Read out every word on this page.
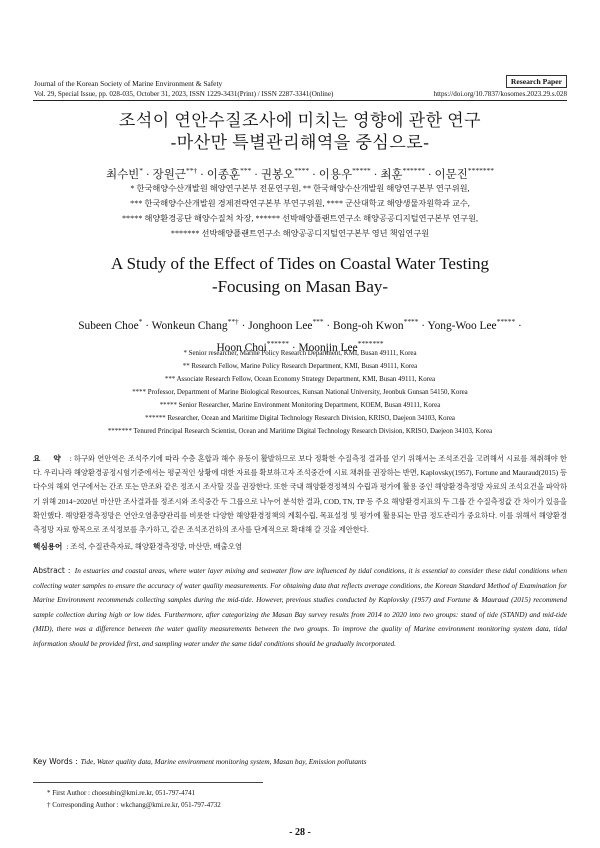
Journal of the Korean Society of Marine Environment & Safety	Research Paper
Vol. 29, Special Issue, pp. 028-035, October 31, 2023, ISSN 1229-3431(Print) / ISSN 2287-3341(Online)	https://doi.org/10.7837/kosomes.2023.29.s.028
조석이 연안수질조사에 미치는 영향에 관한 연구
-마산만 특별관리해역을 중심으로-
최수빈* · 장원근**† · 이종훈*** · 권봉오**** · 이용우***** · 최훈****** · 이문진*******
* 한국해양수산개발원 해양연구본부 전문연구원, ** 한국해양수산개발원 해양연구본부 연구위원,
*** 한국해양수산개발원 경제전략연구본부 부연구위원, **** 군산대학교 해양생물자원학과 교수,
***** 해양환경공단 해양수질처 차장, ****** 선박해양플랜트연구소 해양공공디지털연구본부 연구원,
******* 선박해양플랜트연구소 해양공공디지털연구본부 영년 책임연구원
A Study of the Effect of Tides on Coastal Water Testing
-Focusing on Masan Bay-
Subeen Choe* · Wonkeun Chang**† · Jonghoon Lee*** · Bong-oh Kwon**** · Yong-Woo Lee***** ·
Hoon Choi****** · Moonjin Lee*******
* Senior researcher, Marine Policy Research Department, KMI, Busan 49111, Korea
** Research Fellow, Marine Policy Research Department, KMI, Busan 49111, Korea
*** Associate Research Fellow, Ocean Economy Strategy Department, KMI, Busan 49111, Korea
**** Professor, Department of Marine Biological Resources, Kunsan National University, Jeonbuk Gunsan 54150, Korea
***** Senior Researcher, Marine Environment Monitoring Department, KOEM, Busan 49111, Korea
****** Researcher, Ocean and Maritime Digital Technology Research Division, KRISO, Daejeon 34103, Korea
******* Tenured Principal Research Scientist, Ocean and Maritime Digital Technology Research Division, KRISO, Daejeon 34103, Korea
요 약 : 하구와 연안역은 조석주기에 따라 수층 혼합과 해수 유동이 활발하므로 보다 정확한 수질측정 결과를 얻기 위해서는 조석조건을 고려해서 시료를 채취해야 한다. 우리나라 해양환경공정시험기준에서는 평균적인 상황에 대한 자료를 확보하고자 조석중간에 시료 채취를 권장하는 반면, Kaplovsky(1957), Fortune and Mauraud(2015) 등 다수의 해외 연구에서는 간조 또는 만조와 같은 정조시 조사할 것을 권장한다. 또한 국내 해양환경정책의 수립과 평가에 활용 중인 해양환경측정망 자료의 조석요건을 파악하기 위해 2014~2020년 마산만 조사결과를 정조시와 조석중간 두 그룹으로 나누어 분석한 결과, COD, TN, TP 등 주요 해양환경지표의 두 그룹 간 수질측정값 간 차이가 있음을 확인했다. 해양환경측정망은 연안오염총량관리를 비롯한 다양한 해양환경정책의 계획수립, 목표설정 및 평가에 활용되는 만큼 정도관리가 중요하다. 이를 위해서 해양환경측정망 자료 항목으로 조석정보를 추가하고, 같은 조석조건하의 조사를 단계적으로 확대해 갈 것을 제안한다.
핵심용어 : 조석, 수질관측자료, 해양환경측정망, 마산만, 배출오염
Abstract : In estuaries and coastal areas, where water layer mixing and seawater flow are influenced by tidal conditions, it is essential to consider these tidal conditions when collecting water samples to ensure the accuracy of water quality measurements. For obtaining data that reflects average conditions, the Korean Standard Method of Examination for Marine Environment recommends collecting samples during the mid-tide. However, previous studies conducted by Kaplovsky (1957) and Fortune & Mauraud (2015) recommend sample collection during high or low tides. Furthermore, after categorizing the Masan Bay survey results from 2014 to 2020 into two groups: stand of tide (STAND) and mid-tide (MID), there was a difference between the water quality measurements between the two groups. To improve the quality of Marine environment monitoring system data, tidal information should be provided first, and sampling water under the same tidal conditions should be gradually incorporated.
Key Words : Tide, Water quality data, Marine environment monitoring system, Masan bay, Emission pollutants
* First Author : choesubin@kmi.re.kr, 051-797-4741
† Corresponding Author : wkchang@kmi.re.kr, 051-797-4732
- 28 -
